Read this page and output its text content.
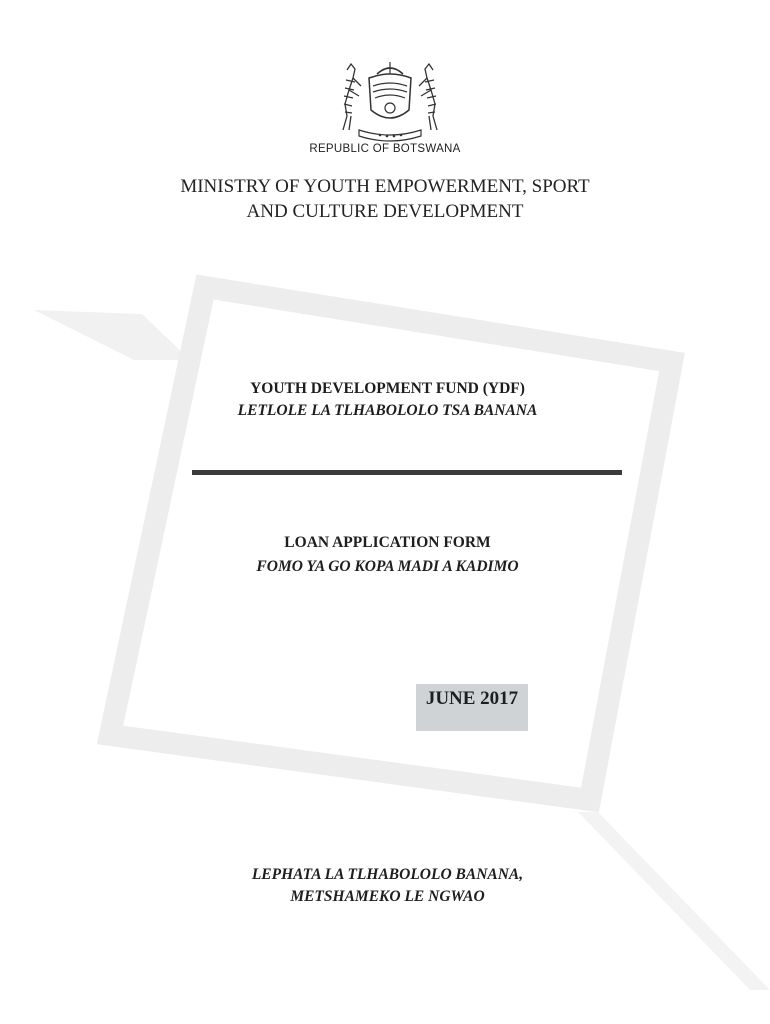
REPUBLIC OF BOTSWANA
MINISTRY OF YOUTH EMPOWERMENT, SPORT
AND CULTURE DEVELOPMENT
YOUTH DEVELOPMENT FUND (YDF)
LETLOLE LA TLHABOLOLO TSA BANANA
LOAN APPLICATION FORM
FOMO YA GO KOPA MADI A KADIMO
JUNE 2017
LEPHATA LA TLHABOLOLO BANANA,
METSHAMEKO LE NGWAO
